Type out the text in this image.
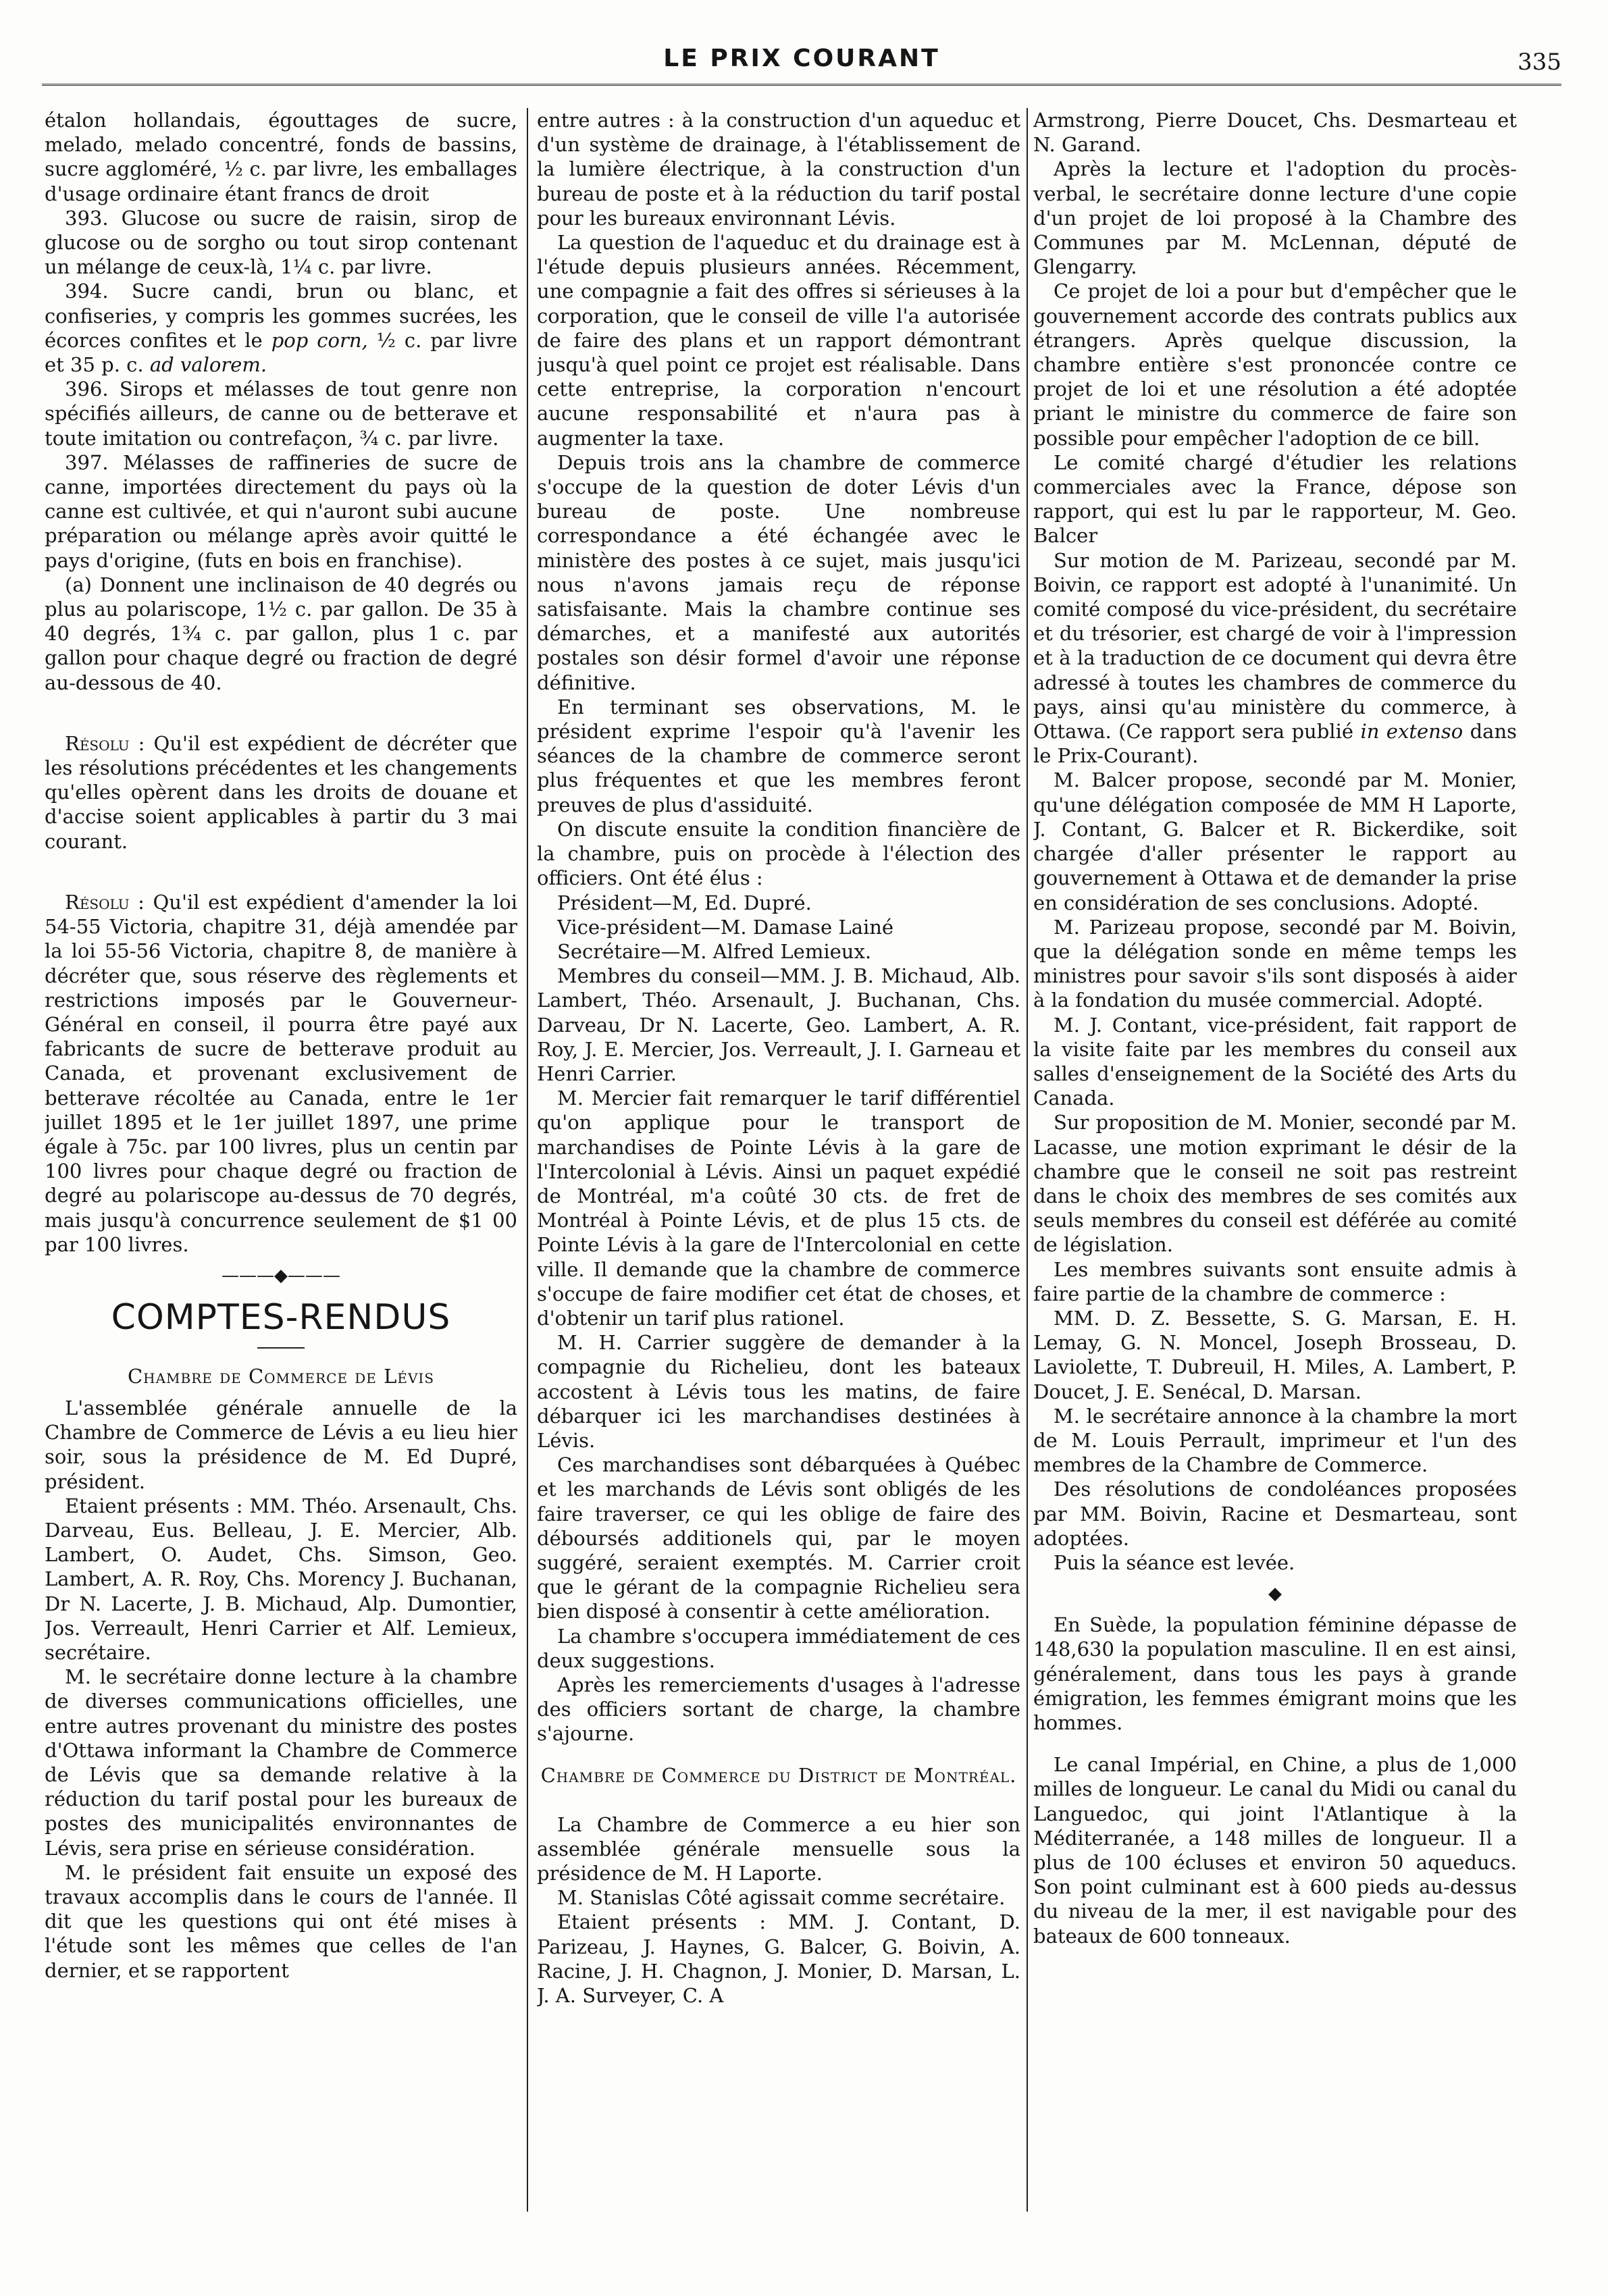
LE PRIX COURANT	335

étalon hollandais, égouttages de sucre, melado, melado concentré, fonds de bassins, sucre aggloméré, ½ c. par livre, les emballages d'usage ordinaire étant francs de droit

393. Glucose ou sucre de raisin, sirop de glucose ou de sorgho ou tout sirop contenant un mélange de ceux-là, 1¼ c. par livre.

394. Sucre candi, brun ou blanc, et confiseries, y compris les gommes sucrées, les écorces confites et le pop corn, ½ c. par livre et 35 p. c. ad valorem.

396. Sirops et mélasses de tout genre non spécifiés ailleurs, de canne ou de betterave et toute imitation ou contrefaçon, ¾ c. par livre.

397. Mélasses de raffineries de sucre de canne, importées directement du pays où la canne est cultivée, et qui n'auront subi aucune préparation ou mélange après avoir quitté le pays d'origine, (futs en bois en franchise).

(a) Donnent une inclinaison de 40 degrés ou plus au polariscope, 1½ c. par gallon. De 35 à 40 degrés, 1¾ c. par gallon, plus 1 c. par gallon pour chaque degré ou fraction de degré au-dessous de 40.

Résolu : Qu'il est expédient de décréter que les résolutions précédentes et les changements qu'elles opèrent dans les droits de douane et d'accise soient applicables à partir du 3 mai courant.

Résolu : Qu'il est expédient d'amender la loi 54-55 Victoria, chapitre 31, déjà amendée par la loi 55-56 Victoria, chapitre 8, de manière à décréter que, sous réserve des règlements et restrictions imposés par le Gouverneur-Général en conseil, il pourra être payé aux fabricants de sucre de betterave produit au Canada, et provenant exclusivement de betterave récoltée au Canada, entre le 1er juillet 1895 et le 1er juillet 1897, une prime égale à 75c. par 100 livres, plus un centin par 100 livres pour chaque degré ou fraction de degré au polariscope au-dessus de 70 degrés, mais jusqu'à concurrence seulement de $1 00 par 100 livres.

———◆———
COMPTES-RENDUS
Chambre de Commerce de Lévis

L'assemblée générale annuelle de la Chambre de Commerce de Lévis a eu lieu hier soir, sous la présidence de M. Ed Dupré, président.

Etaient présents : MM. Théo. Arsenault, Chs. Darveau, Eus. Belleau, J. E. Mercier, Alb. Lambert, O. Audet, Chs. Simson, Geo. Lambert, A. R. Roy, Chs. Morency J. Buchanan, Dr N. Lacerte, J. B. Michaud, Alp. Dumontier, Jos. Verreault, Henri Carrier et Alf. Lemieux, secrétaire.

M. le secrétaire donne lecture à la chambre de diverses communications officielles, une entre autres provenant du ministre des postes d'Ottawa informant la Chambre de Commerce de Lévis que sa demande relative à la réduction du tarif postal pour les bureaux de postes des municipalités environnantes de Lévis, sera prise en sérieuse considération.

M. le président fait ensuite un exposé des travaux accomplis dans le cours de l'année. Il dit que les questions qui ont été mises à l'étude sont les mêmes que celles de l'an dernier, et se rapportent

entre autres : à la construction d'un aqueduc et d'un système de drainage, à l'établissement de la lumière électrique, à la construction d'un bureau de poste et à la réduction du tarif postal pour les bureaux environnant Lévis.

La question de l'aqueduc et du drainage est à l'étude depuis plusieurs années. Récemment, une compagnie a fait des offres si sérieuses à la corporation, que le conseil de ville l'a autorisée de faire des plans et un rapport démontrant jusqu'à quel point ce projet est réalisable. Dans cette entreprise, la corporation n'encourt aucune responsabilité et n'aura pas à augmenter la taxe.

Depuis trois ans la chambre de commerce s'occupe de la question de doter Lévis d'un bureau de poste. Une nombreuse correspondance a été échangée avec le ministère des postes à ce sujet, mais jusqu'ici nous n'avons jamais reçu de réponse satisfaisante. Mais la chambre continue ses démarches, et a manifesté aux autorités postales son désir formel d'avoir une réponse définitive.

En terminant ses observations, M. le président exprime l'espoir qu'à l'avenir les séances de la chambre de commerce seront plus fréquentes et que les membres feront preuves de plus d'assiduité.

On discute ensuite la condition financière de la chambre, puis on procède à l'élection des officiers. Ont été élus :

Président—M, Ed. Dupré.

Vice-président—M. Damase Lainé

Secrétaire—M. Alfred Lemieux.

Membres du conseil—MM. J. B. Michaud, Alb. Lambert, Théo. Arsenault, J. Buchanan, Chs. Darveau, Dr N. Lacerte, Geo. Lambert, A. R. Roy, J. E. Mercier, Jos. Verreault, J. I. Garneau et Henri Carrier.

M. Mercier fait remarquer le tarif différentiel qu'on applique pour le transport de marchandises de Pointe Lévis à la gare de l'Intercolonial à Lévis. Ainsi un paquet expédié de Montréal, m'a coûté 30 cts. de fret de Montréal à Pointe Lévis, et de plus 15 cts. de Pointe Lévis à la gare de l'Intercolonial en cette ville. Il demande que la chambre de commerce s'occupe de faire modifier cet état de choses, et d'obtenir un tarif plus rationel.

M. H. Carrier suggère de demander à la compagnie du Richelieu, dont les bateaux accostent à Lévis tous les matins, de faire débarquer ici les marchandises destinées à Lévis.

Ces marchandises sont débarquées à Québec et les marchands de Lévis sont obligés de les faire traverser, ce qui les oblige de faire des déboursés additionels qui, par le moyen suggéré, seraient exemptés. M. Carrier croit que le gérant de la compagnie Richelieu sera bien disposé à consentir à cette amélioration.

La chambre s'occupera immédiatement de ces deux suggestions.

Après les remerciements d'usages à l'adresse des officiers sortant de charge, la chambre s'ajourne.

Chambre de Commerce du District de Montréal.

La Chambre de Commerce a eu hier son assemblée générale mensuelle sous la présidence de M. H Laporte.

M. Stanislas Côté agissait comme secrétaire.

Etaient présents : MM. J. Contant, D. Parizeau, J. Haynes, G. Balcer, G. Boivin, A. Racine, J. H. Chagnon, J. Monier, D. Marsan, L. J. A. Surveyer, C. A

Armstrong, Pierre Doucet, Chs. Desmarteau et N. Garand.

Après la lecture et l'adoption du procès-verbal, le secrétaire donne lecture d'une copie d'un projet de loi proposé à la Chambre des Communes par M. McLennan, député de Glengarry.

Ce projet de loi a pour but d'empêcher que le gouvernement accorde des contrats publics aux étrangers. Après quelque discussion, la chambre entière s'est prononcée contre ce projet de loi et une résolution a été adoptée priant le ministre du commerce de faire son possible pour empêcher l'adoption de ce bill.

Le comité chargé d'étudier les relations commerciales avec la France, dépose son rapport, qui est lu par le rapporteur, M. Geo. Balcer

Sur motion de M. Parizeau, secondé par M. Boivin, ce rapport est adopté à l'unanimité. Un comité composé du vice-président, du secrétaire et du trésorier, est chargé de voir à l'impression et à la traduction de ce document qui devra être adressé à toutes les chambres de commerce du pays, ainsi qu'au ministère du commerce, à Ottawa. (Ce rapport sera publié in extenso dans le Prix-Courant).

M. Balcer propose, secondé par M. Monier, qu'une délégation composée de MM H Laporte, J. Contant, G. Balcer et R. Bickerdike, soit chargée d'aller présenter le rapport au gouvernement à Ottawa et de demander la prise en considération de ses conclusions. Adopté.

M. Parizeau propose, secondé par M. Boivin, que la délégation sonde en même temps les ministres pour savoir s'ils sont disposés à aider à la fondation du musée commercial. Adopté.

M. J. Contant, vice-président, fait rapport de la visite faite par les membres du conseil aux salles d'enseignement de la Société des Arts du Canada.

Sur proposition de M. Monier, secondé par M. Lacasse, une motion exprimant le désir de la chambre que le conseil ne soit pas restreint dans le choix des membres de ses comités aux seuls membres du conseil est déférée au comité de législation.

Les membres suivants sont ensuite admis à faire partie de la chambre de commerce :

MM. D. Z. Bessette, S. G. Marsan, E. H. Lemay, G. N. Moncel, Joseph Brosseau, D. Laviolette, T. Dubreuil, H. Miles, A. Lambert, P. Doucet, J. E. Senécal, D. Marsan.

M. le secrétaire annonce à la chambre la mort de M. Louis Perrault, imprimeur et l'un des membres de la Chambre de Commerce.

Des résolutions de condoléances proposées par MM. Boivin, Racine et Desmarteau, sont adoptées.

Puis la séance est levée.

◆

En Suède, la population féminine dépasse de 148,630 la population masculine. Il en est ainsi, généralement, dans tous les pays à grande émigration, les femmes émigrant moins que les hommes.

Le canal Impérial, en Chine, a plus de 1,000 milles de longueur. Le canal du Midi ou canal du Languedoc, qui joint l'Atlantique à la Méditerranée, a 148 milles de longueur. Il a plus de 100 écluses et environ 50 aqueducs. Son point culminant est à 600 pieds au-dessus du niveau de la mer, il est navigable pour des bateaux de 600 tonneaux.
